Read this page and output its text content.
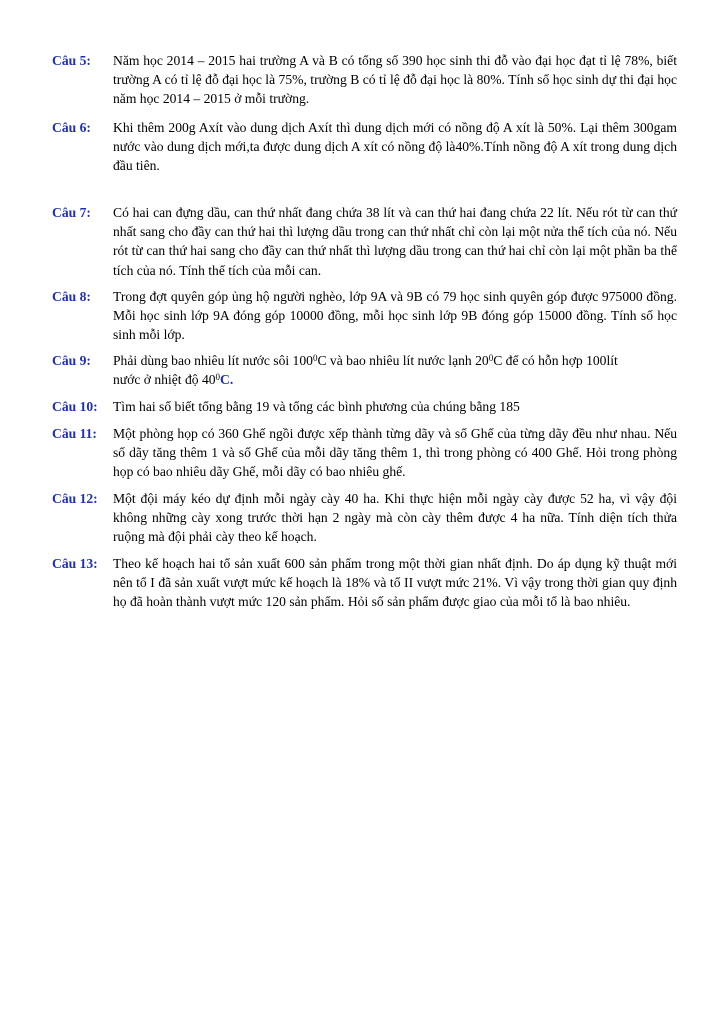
Câu 5:	Năm học 2014 – 2015 hai trường A và B có tổng số 390 học sinh thi đỗ vào đại học đạt tỉ lệ 78%, biết trường A có tỉ lệ đỗ đại học là 75%, trường B có tỉ lệ đỗ đại học là 80%. Tính số học sinh dự thi đại học năm học 2014 – 2015 ở mỗi trường.
Câu 6:	Khi thêm 200g Axít vào dung dịch Axít thì dung dịch mới có nồng độ A xít là 50%. Lại thêm 300gam nước vào dung dịch mới,ta được dung dịch A xít có nồng độ là40%.Tính nồng độ A xít trong dung dịch đầu tiên.
Câu 7:	Có hai can đựng dầu, can thứ nhất đang chứa 38 lít và can thứ hai đang chứa 22 lít. Nếu rót từ can thứ nhất sang cho đầy can thứ hai thì lượng dầu trong can thứ nhất chỉ còn lại một nửa thể tích của nó. Nếu rót từ can thứ hai sang cho đầy can thứ nhất thì lượng dầu trong can thứ hai chỉ còn lại một phần ba thể tích của nó. Tính thể tích của mỗi can.
Câu 8:	Trong đợt quyên góp ủng hộ người nghèo, lớp 9A và 9B có 79 học sinh quyên góp được 975000 đồng. Mỗi học sinh lớp 9A đóng góp 10000 đồng, mỗi học sinh lớp 9B đóng góp 15000 đồng. Tính số học sinh mỗi lớp.
Câu 9:	Phải dùng bao nhiêu lít nước sôi $100^0C$ và bao nhiêu lít nước lạnh $20^0C$ để có hỗn hợp 100lít
nước ở nhiệt độ $40^0C$.
Câu 10:	Tìm hai số biết tổng bằng 19 và tổng các bình phương của chúng bằng 185
Câu 11:	Một phòng họp có 360 Ghế ngồi được xếp thành từng dãy và số Ghế của từng dãy đều như nhau. Nếu số dãy tăng thêm 1 và số Ghế của mỗi dãy tăng thêm 1, thì trong phòng có 400 Ghế. Hỏi trong phòng họp có bao nhiêu dãy Ghế, mỗi dãy có bao nhiêu ghế.
Câu 12:	Một đội máy kéo dự định mỗi ngày cày 40 ha. Khi thực hiện mỗi ngày cày được 52 ha, vì vậy đội không những cày xong trước thời hạn 2 ngày mà còn cày thêm được 4 ha nữa. Tính diện tích thửa ruộng mà đội phải cày theo kế hoạch.
Câu 13:	Theo kế hoạch hai tổ sản xuất 600 sản phẩm trong một thời gian nhất định. Do áp dụng kỹ thuật mới nên tổ I đã sản xuất vượt mức kế hoạch là 18% và tổ II vượt mức 21%. Vì vậy trong thời gian quy định họ đã hoàn thành vượt mức 120 sản phẩm. Hỏi số sản phẩm được giao của mỗi tổ là bao nhiêu.
